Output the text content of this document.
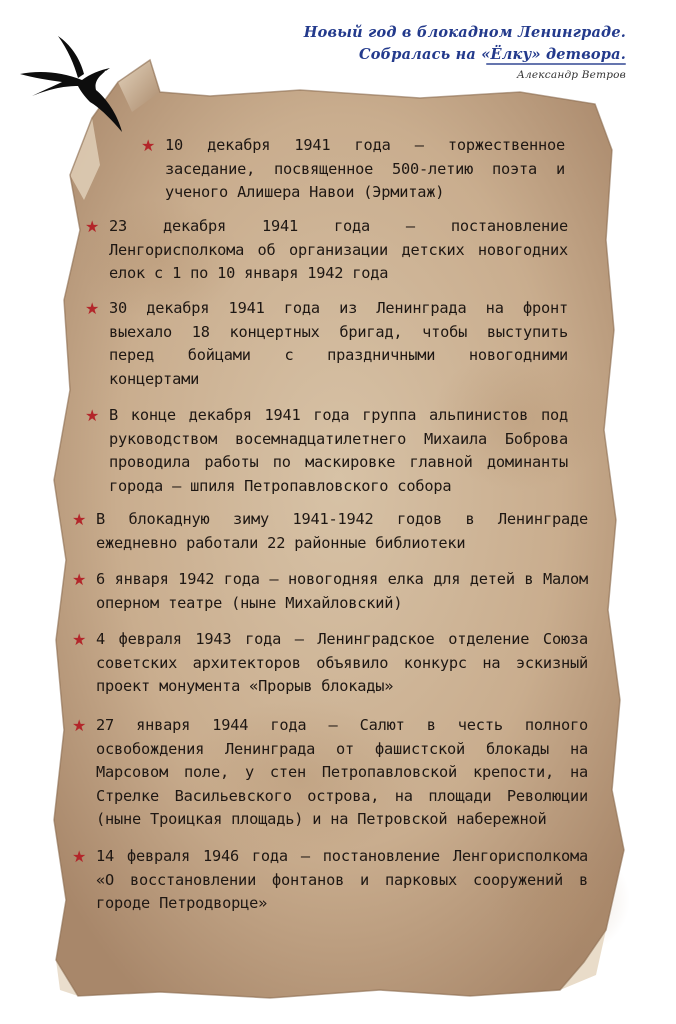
Новый год в блокадном Ленинграде.
Собралась на «Ёлку» детвора.
Александр Ветров
★ 10 декабря 1941 года – торжественное заседание, посвященное 500-летию поэта и ученого Алишера Навои (Эрмитаж)
★ 23 декабря 1941 года – постановление Ленгорисполкома об организации детских новогодних елок с 1 по 10 января 1942 года
★ 30 декабря 1941 года из Ленинграда на фронт выехало 18 концертных бригад, чтобы выступить перед бойцами с праздничными новогодними концертами
★ В конце декабря 1941 года группа альпинистов под руководством восемнадцатилетнего Михаила Боброва проводила работы по маскировке главной доминанты города – шпиля Петропавловского собора
★ В блокадную зиму 1941-1942 годов в Ленинграде ежедневно работали 22 районные библиотеки
★ 6 января 1942 года – новогодняя елка для детей в Малом оперном театре (ныне Михайловский)
★ 4 февраля 1943 года – Ленинградское отделение Союза советских архитекторов объявило конкурс на эскизный проект монумента «Прорыв блокады»
★ 27 января 1944 года – Салют в честь полного освобождения Ленинграда от фашистской блокады на Марсовом поле, у стен Петропавловской крепости, на Стрелке Васильевского острова, на площади Революции (ныне Троицкая площадь) и на Петровской набережной
★ 14 февраля 1946 года – постановление Ленгорисполкома «О восстановлении фонтанов и парковых сооружений в городе Петродворце»
